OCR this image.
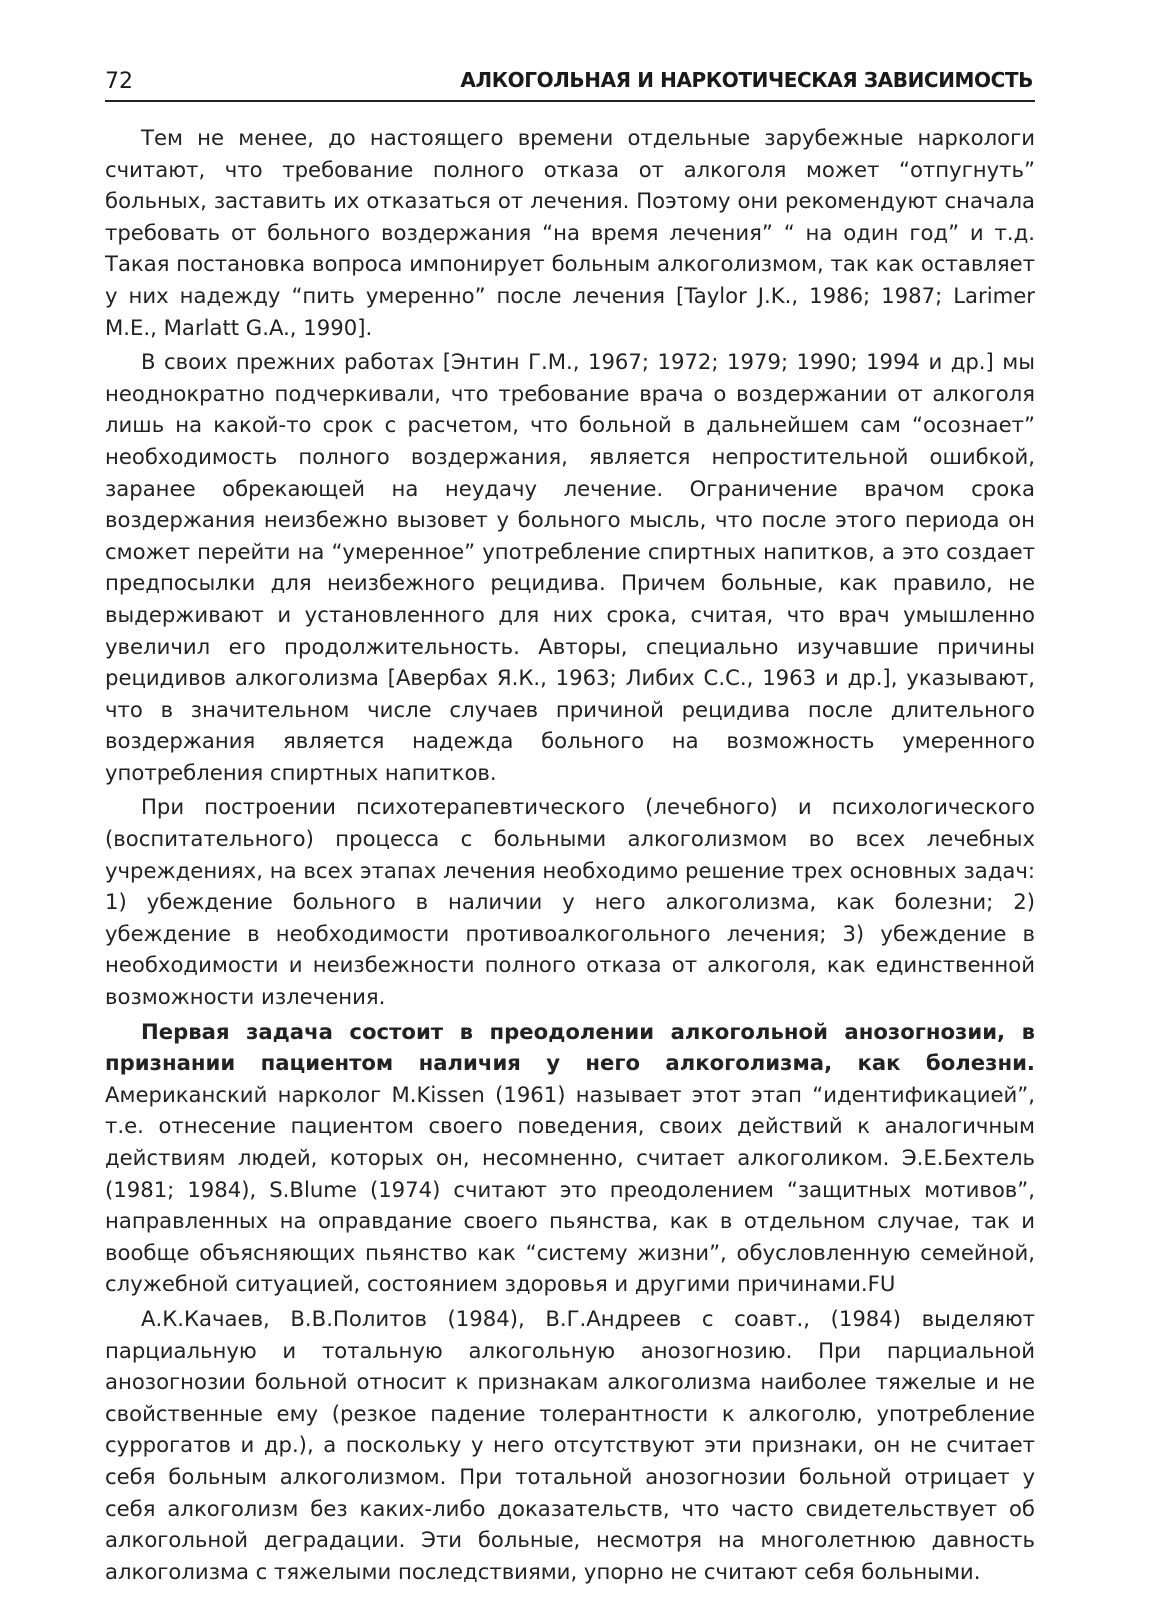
72	АЛКОГОЛЬНАЯ И НАРКОТИЧЕСКАЯ ЗАВИСИМОСТЬ

Тем не менее, до настоящего времени отдельные зарубежные наркологи считают, что требование полного отказа от алкоголя может “отпугнуть” больных, заставить их отказаться от лечения. Поэтому они рекомендуют сначала требовать от больного воздержания “на время лечения” “ на один год” и т.д. Такая постановка вопроса импонирует больным алкоголизмом, так как оставляет у них надежду “пить умеренно” после лечения [Taylor J.K., 1986; 1987; Larimer M.E., Marlatt G.A., 1990].

В своих прежних работах [Энтин Г.М., 1967; 1972; 1979; 1990; 1994 и др.] мы неоднократно подчеркивали, что требование врача о воздержании от алкоголя лишь на какой-то срок с расчетом, что больной в дальнейшем сам “осознает” необходимость полного воздержания, является непростительной ошибкой, заранее обрекающей на неудачу лечение. Ограничение врачом срока воздержания неизбежно вызовет у больного мысль, что после этого периода он сможет перейти на “умеренное” употребление спиртных напитков, а это создает предпосылки для неизбежного рецидива. Причем больные, как правило, не выдерживают и установленного для них срока, считая, что врач умышленно увеличил его продолжительность. Авторы, специально изучавшие причины рецидивов алкоголизма [Авербах Я.К., 1963; Либих С.С., 1963 и др.], указывают, что в значительном числе случаев причиной рецидива после длительного воздержания является надежда больного на возможность умеренного употребления спиртных напитков.

При построении психотерапевтического (лечебного) и психологического (воспитательного) процесса с больными алкоголизмом во всех лечебных учреждениях, на всех этапах лечения необходимо решение трех основных задач: 1) убеждение больного в наличии у него алкоголизма, как болезни; 2) убеждение в необходимости противоалкогольного лечения; 3) убеждение в необходимости и неизбежности полного отказа от алкоголя, как единственной возможности излечения.

Первая задача состоит в преодолении алкогольной анозогнозии, в признании пациентом наличия у него алкоголизма, как болезни. Американский нарколог M.Kissen (1961) называет этот этап “идентификацией”, т.е. отнесение пациентом своего поведения, своих действий к аналогичным действиям людей, которых он, несомненно, считает алкоголиком. Э.Е.Бехтель (1981; 1984), S.Blume (1974) считают это преодолением “защитных мотивов”, направленных на оправдание своего пьянства, как в отдельном случае, так и вообще объясняющих пьянство как “систему жизни”, обусловленную семейной, служебной ситуацией, состоянием здоровья и другими причинами.FU

А.К.Качаев, В.В.Политов (1984), В.Г.Андреев с соавт., (1984) выделяют парциальную и тотальную алкогольную анозогнозию. При парциальной анозогнозии больной относит к признакам алкоголизма наиболее тяжелые и не свойственные ему (резкое падение толерантности к алкоголю, употребление суррогатов и др.), а поскольку у него отсутствуют эти признаки, он не считает себя больным алкоголизмом. При тотальной анозогнозии больной отрицает у себя алкоголизм без каких-либо доказательств, что часто свидетельствует об алкогольной деградации. Эти больные, несмотря на многолетнюю давность алкоголизма с тяжелыми последствиями, упорно не считают себя больными.
